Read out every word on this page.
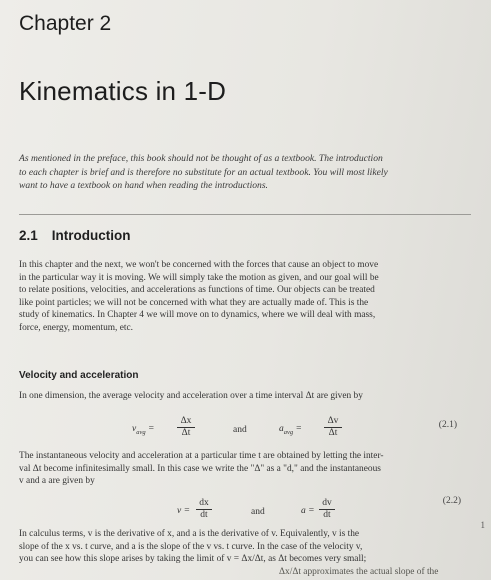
Chapter 2
Kinematics in 1-D

As mentioned in the preface, this book should not be thought of as a textbook. The introduction

to each chapter is brief and is therefore no substitute for an actual textbook. You will most likely

want to have a textbook on hand when reading the introductions.

2.1 Introduction

In this chapter and the next, we won't be concerned with the forces that cause an object to move

in the particular way it is moving. We will simply take the motion as given, and our goal will be

to relate positions, velocities, and accelerations as functions of time. Our objects can be treated

like point particles; we will not be concerned with what they are actually made of. This is the

study of kinematics. In Chapter 4 we will move on to dynamics, where we will deal with mass,

force, energy, momentum, etc.

Velocity and acceleration

In one dimension, the average velocity and acceleration over a time interval Δt are given by

$v_{avg}$ =
Δx
Δt	and	$a_{avg}$ =
Δv
Δt
(2.1)

The instantaneous velocity and acceleration at a particular time t are obtained by letting the inter-

val Δt become infinitesimally small. In this case we write the "Δ" as a "d," and the instantaneous

v and a are given by

v =
dx
dt	and	a =
dv
dt
(2.2)

In calculus terms, v is the derivative of x, and a is the derivative of v. Equivalently, v is the

slope of the x vs. t curve, and a is the slope of the v vs. t curve. In the case of the velocity v,

you can see how this slope arises by taking the limit of v = Δx/Δt, as Δt becomes very small;

Δx/Δt approximates the actual slope of the

1
